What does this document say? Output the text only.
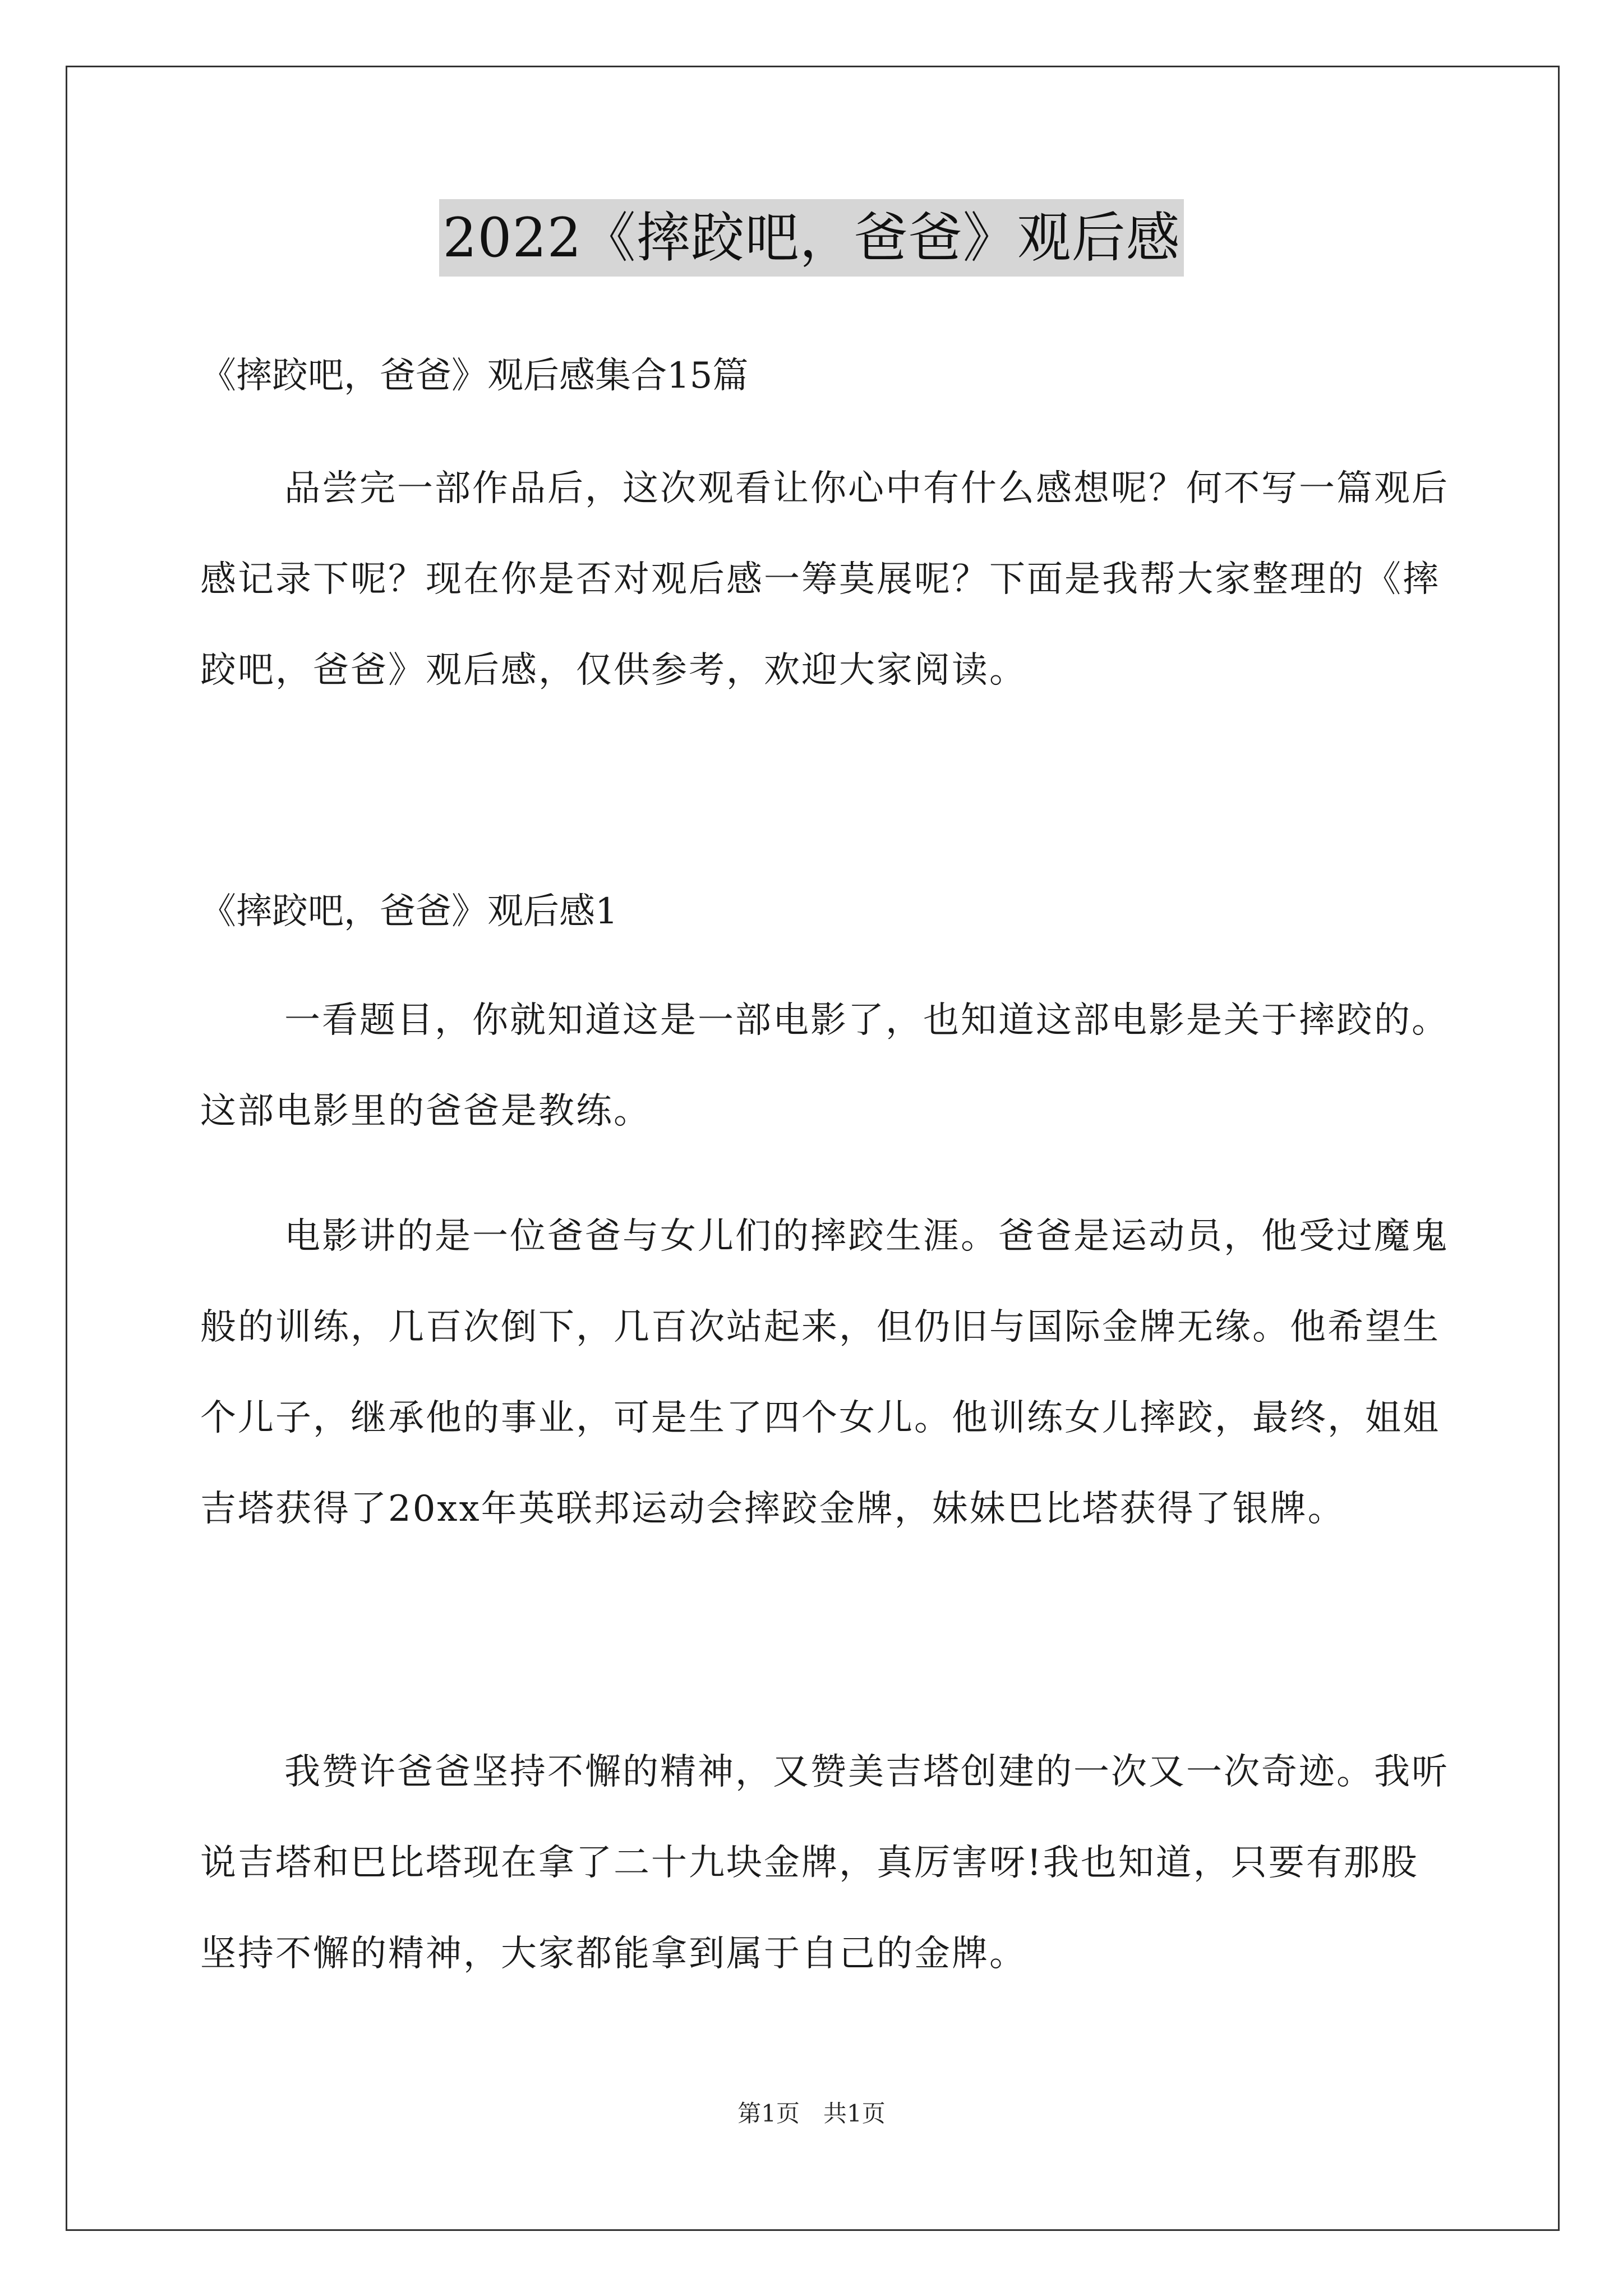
2022《摔跤吧，爸爸》观后感
《摔跤吧，爸爸》观后感集合15篇

品尝完一部作品后，这次观看让你心中有什么感想呢？何不写一篇观后感记录下呢？现在你是否对观后感一筹莫展呢？下面是我帮大家整理的《摔跤吧，爸爸》观后感，仅供参考，欢迎大家阅读。

《摔跤吧，爸爸》观后感1

一看题目，你就知道这是一部电影了，也知道这部电影是关于摔跤的。这部电影里的爸爸是教练。

电影讲的是一位爸爸与女儿们的摔跤生涯。爸爸是运动员，他受过魔鬼般的训练，几百次倒下，几百次站起来，但仍旧与国际金牌无缘。他希望生个儿子，继承他的事业，可是生了四个女儿。他训练女儿摔跤，最终，姐姐吉塔获得了20xx年英联邦运动会摔跤金牌，妹妹巴比塔获得了银牌。

我赞许爸爸坚持不懈的精神，又赞美吉塔创建的一次又一次奇迹。我听说吉塔和巴比塔现在拿了二十九块金牌，真厉害呀!我也知道，只要有那股坚持不懈的精神，大家都能拿到属于自己的金牌。

第1页　共1页
